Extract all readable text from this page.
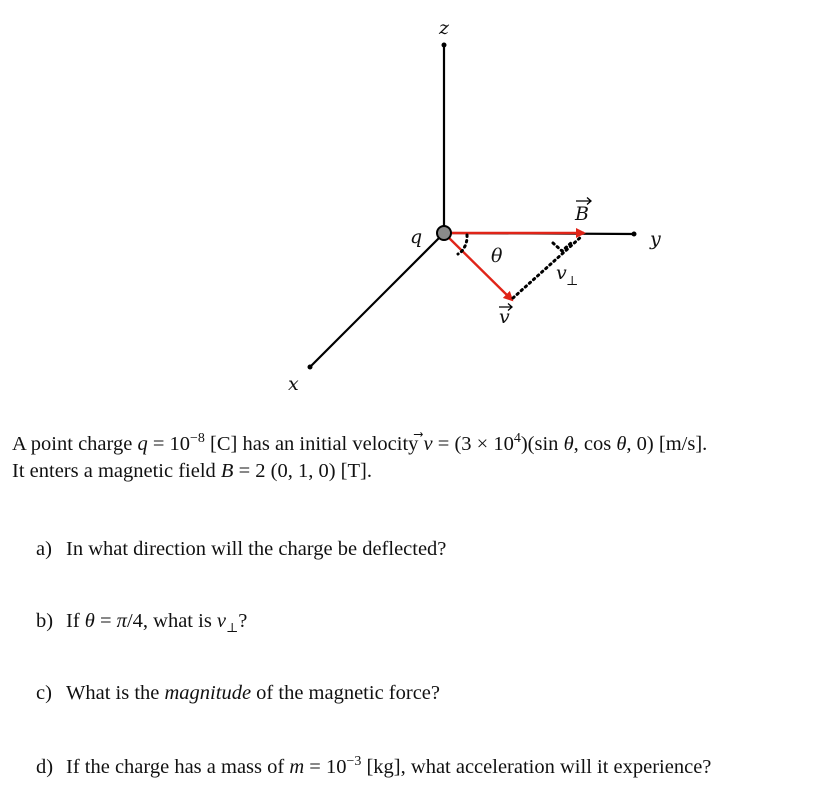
z
y
x
q
B
θ
v ⊥
v

A point charge $q = 10^{-8}$ [C] has an initial velocity v
= $(3 \times 10^4)(\sin$ θ, cos θ, 0) [m/s].

It enters a magnetic field B = 2 (0, 1, 0) [T].

a) In what direction will the charge be deflected?
b) If θ = π/4, what is $v_\perp$?
c) What is the magnitude of the magnetic force?
d) If the charge has a mass of $m = 10^{-3}$ [kg], what acceleration will it experience?
